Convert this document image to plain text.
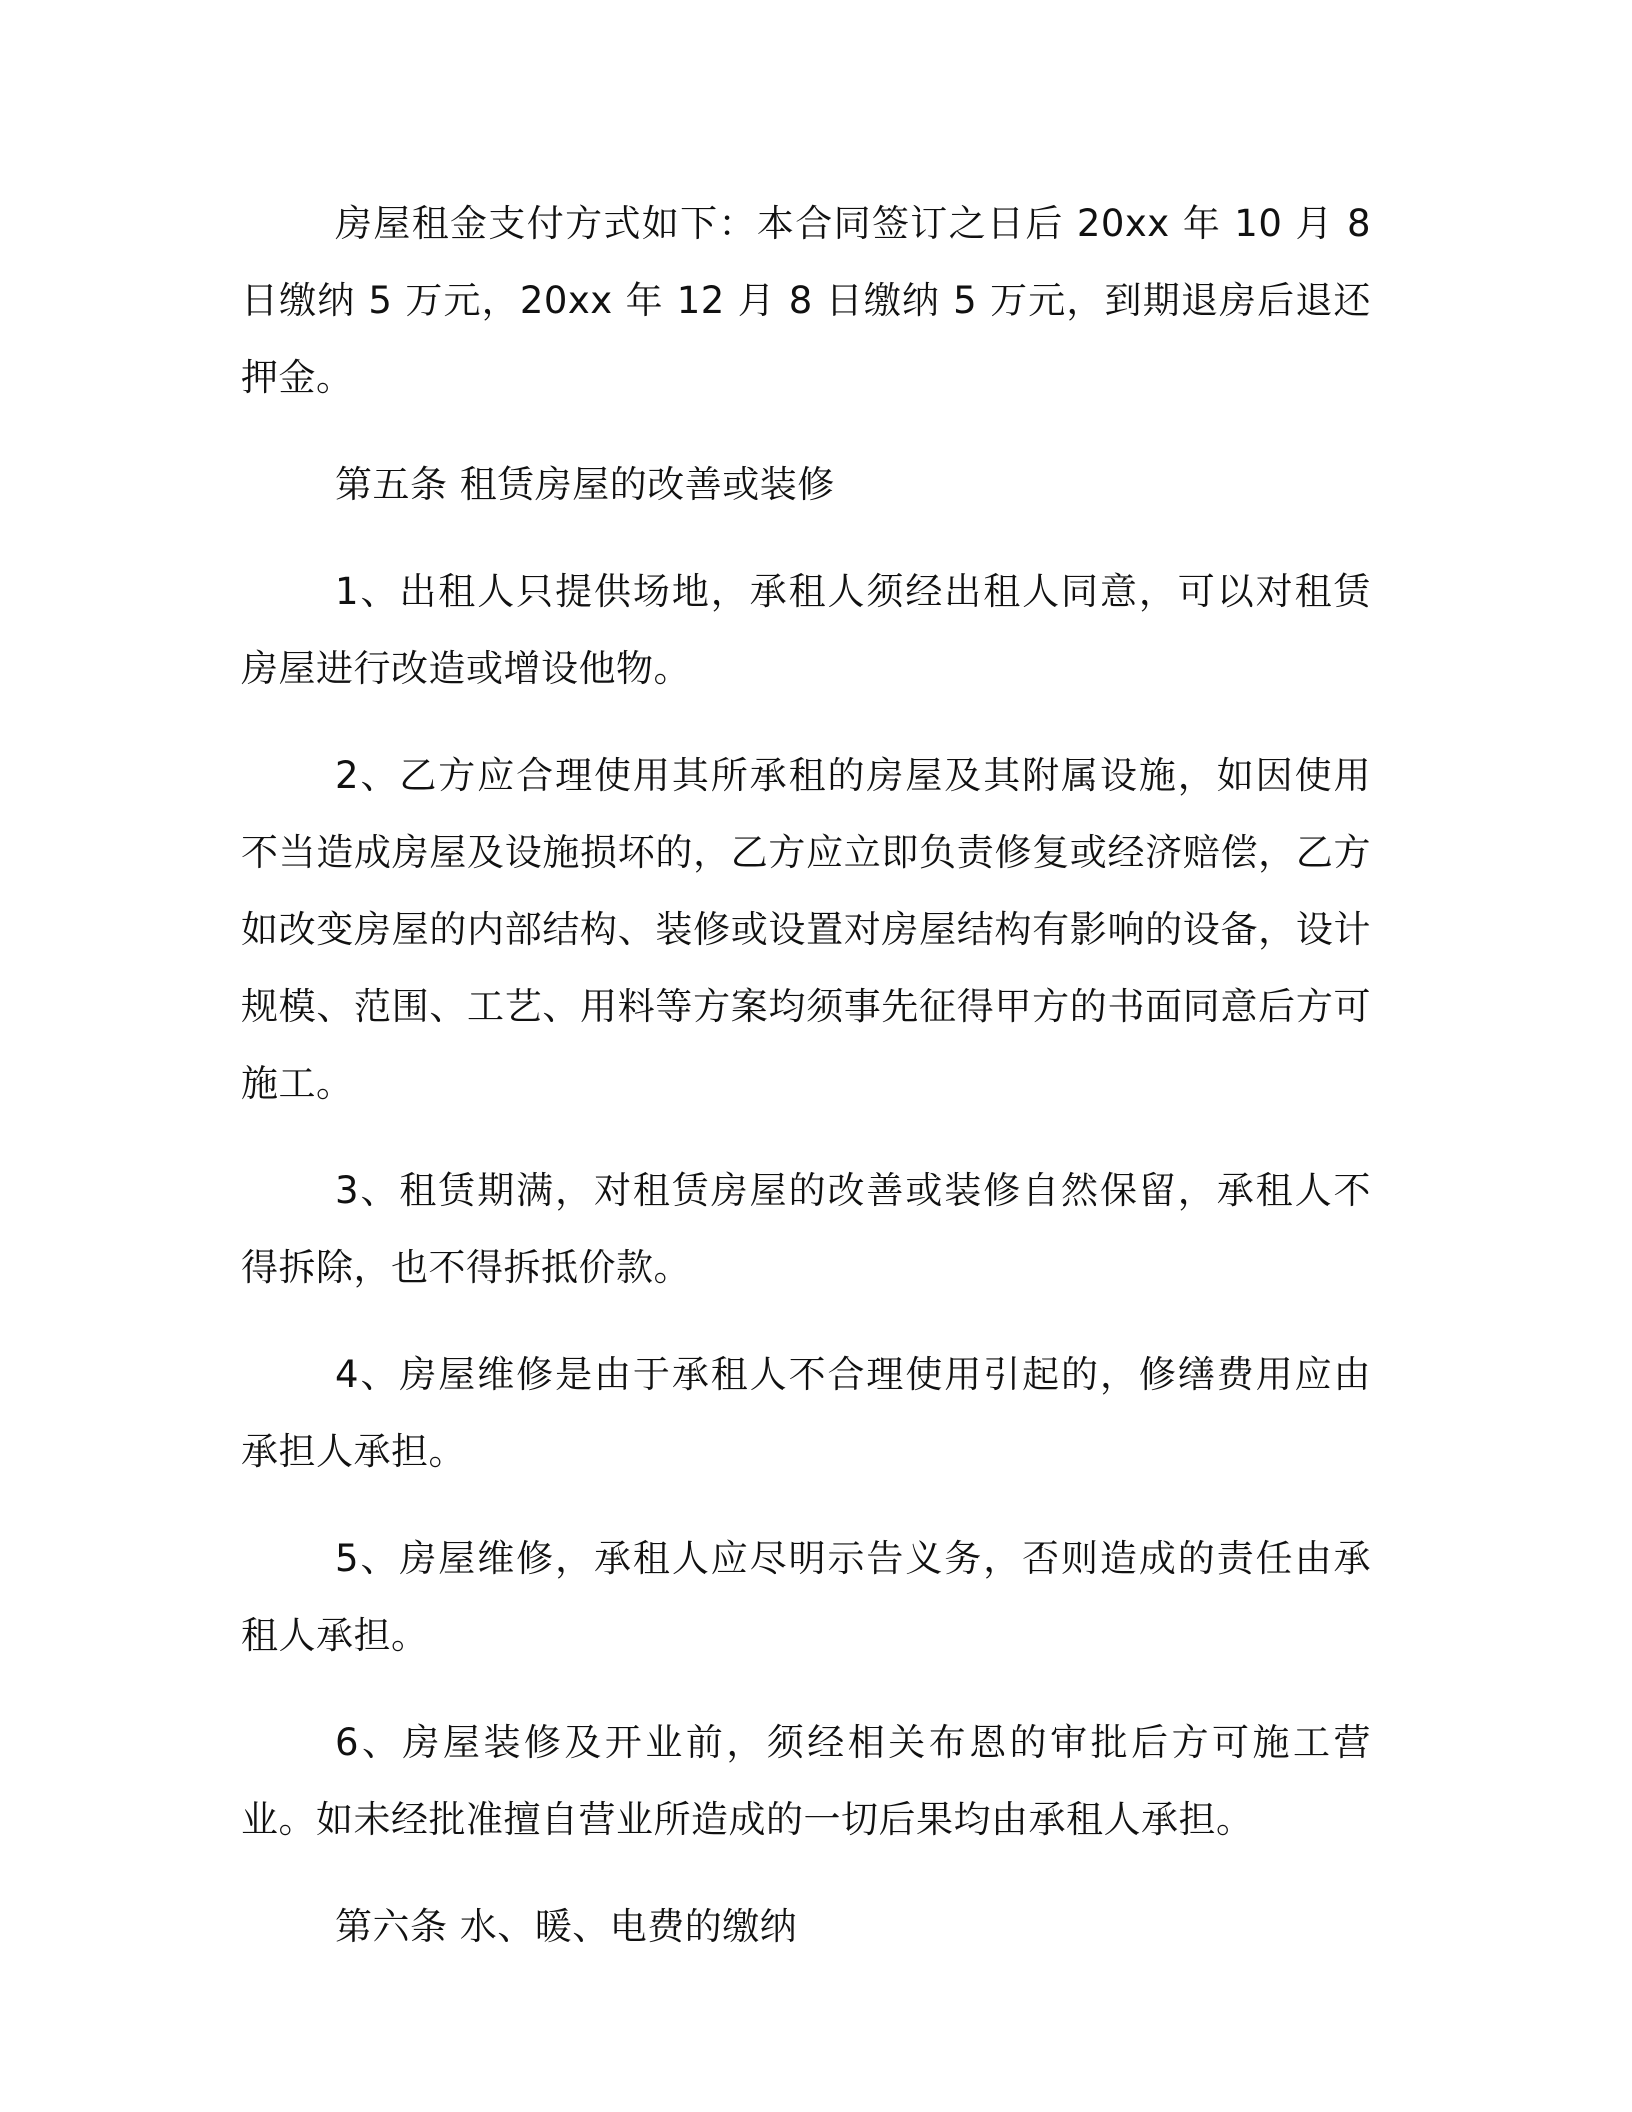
房屋租金支付方式如下：本合同签订之日后 20xx 年 10 月 8 日缴纳 5 万元，20xx 年 12 月 8 日缴纳 5 万元，到期退房后退还押金。

第五条 租赁房屋的改善或装修

1、出租人只提供场地，承租人须经出租人同意，可以对租赁房屋进行改造或增设他物。

2、乙方应合理使用其所承租的房屋及其附属设施，如因使用不当造成房屋及设施损坏的，乙方应立即负责修复或经济赔偿，乙方如改变房屋的内部结构、装修或设置对房屋结构有影响的设备，设计规模、范围、工艺、用料等方案均须事先征得甲方的书面同意后方可施工。

3、租赁期满，对租赁房屋的改善或装修自然保留，承租人不得拆除，也不得拆抵价款。

4、房屋维修是由于承租人不合理使用引起的，修缮费用应由承担人承担。

5、房屋维修，承租人应尽明示告义务，否则造成的责任由承租人承担。

6、房屋装修及开业前，须经相关布恩的审批后方可施工营业。如未经批准擅自营业所造成的一切后果均由承租人承担。

第六条 水、暖、电费的缴纳
